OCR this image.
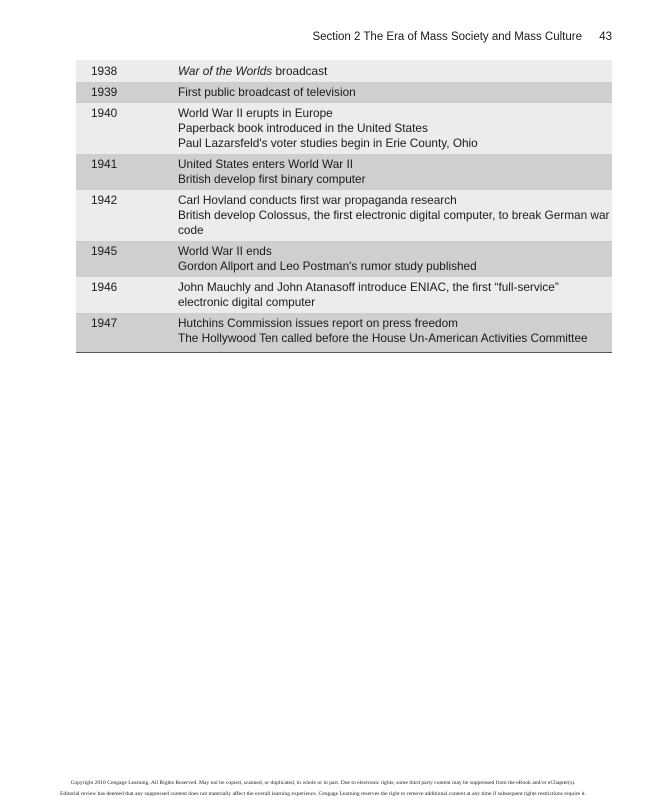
Section 2 The Era of Mass Society and Mass Culture 43
1938	War of the Worlds broadcast

1939	First public broadcast of television

1940	World War II erupts in Europe
Paperback book introduced in the United States
Paul Lazarsfeld's voter studies begin in Erie County, Ohio

1941	United States enters World War II
British develop first binary computer

1942	Carl Hovland conducts first war propaganda research
British develop Colossus, the first electronic digital computer, to break German war code

1945	World War II ends
Gordon Allport and Leo Postman's rumor study published

1946	John Mauchly and John Atanasoff introduce ENIAC, the first “full-service” electronic digital computer

1947	Hutchins Commission issues report on press freedom
The Hollywood Ten called before the House Un-American Activities Committee
Copyright 2010 Cengage Learning. All Rights Reserved. May not be copied, scanned, or duplicated, in whole or in part. Due to electronic rights, some third party content may be suppressed from the eBook and/or eChapter(s).
Editorial review has deemed that any suppressed content does not materially affect the overall learning experience. Cengage Learning reserves the right to remove additional content at any time if subsequent rights restrictions require it.
